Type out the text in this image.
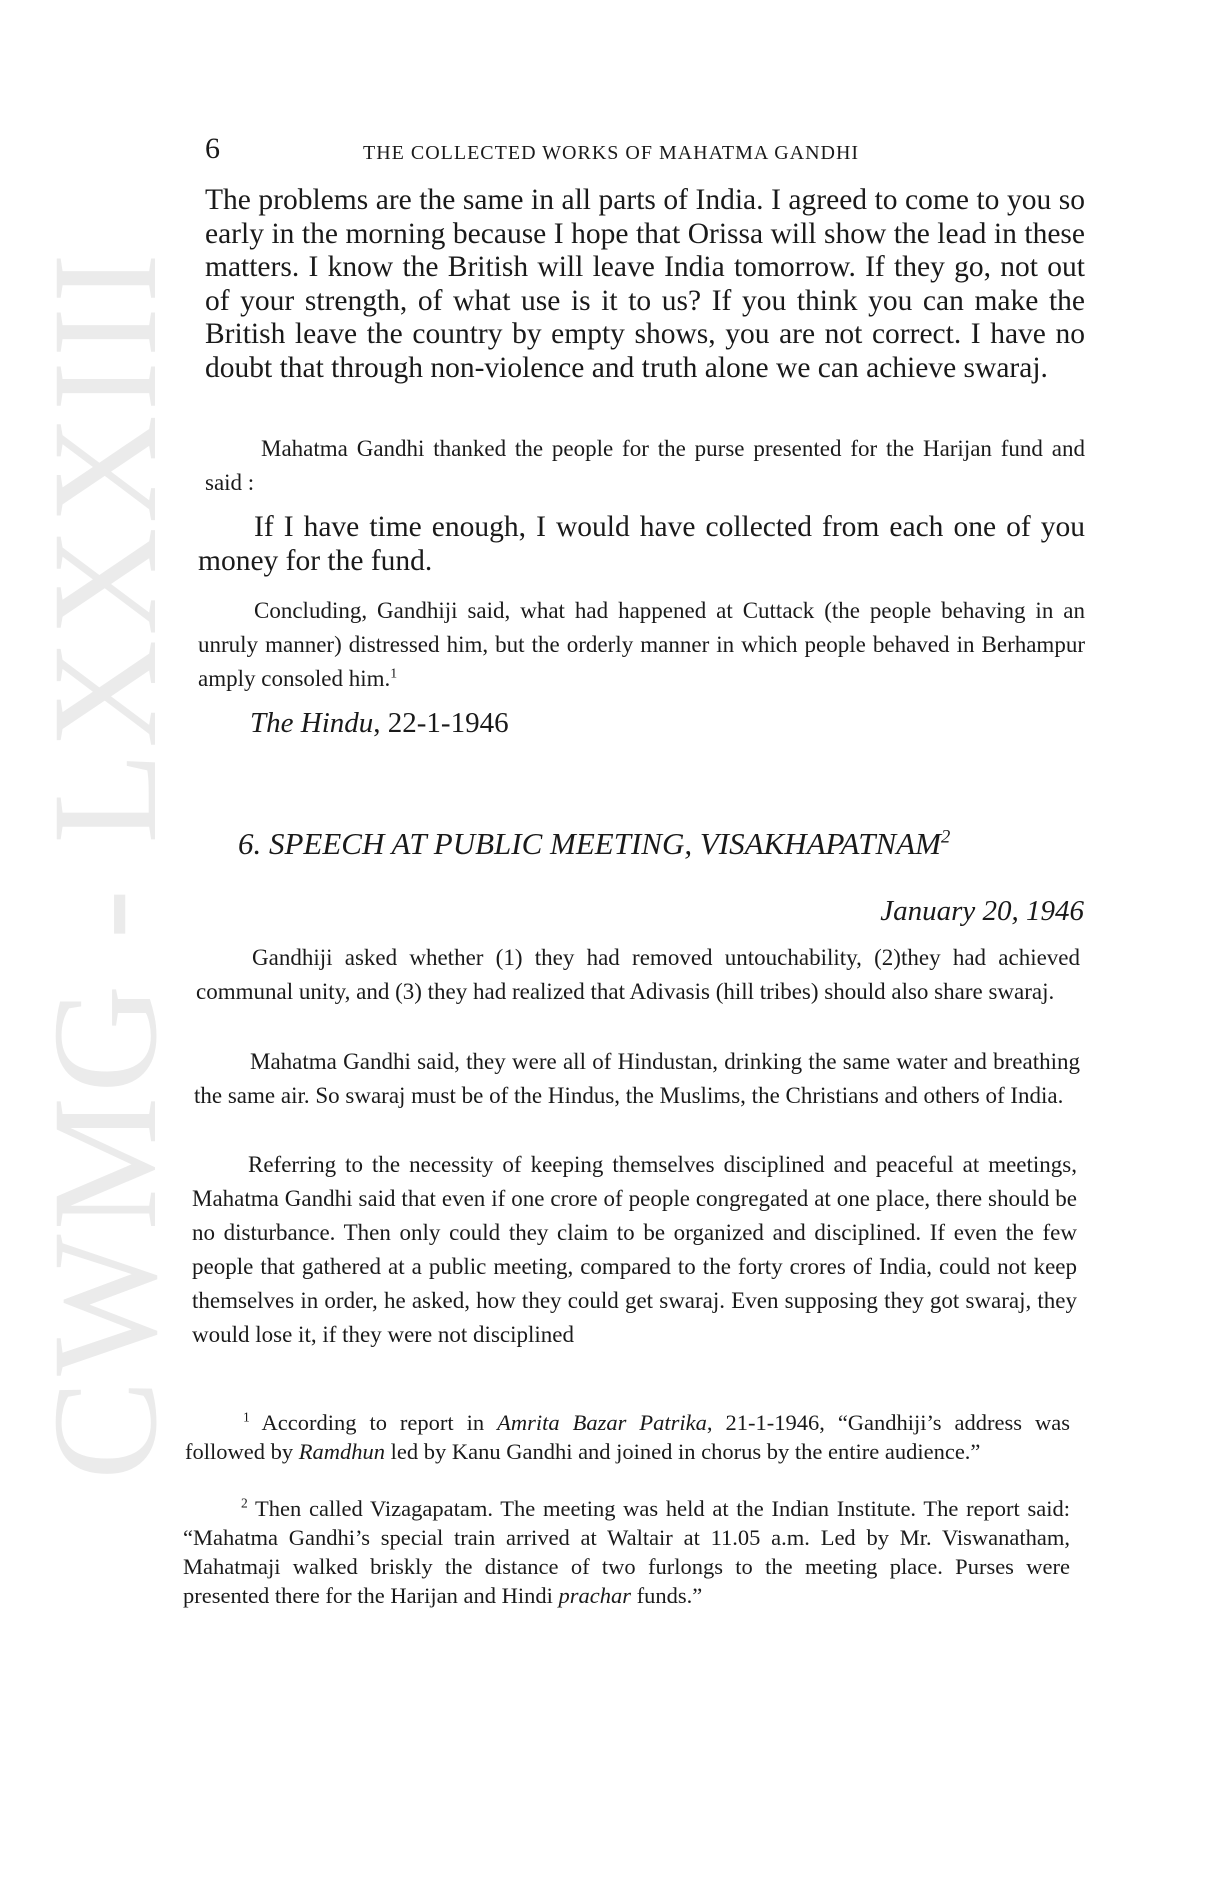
CWMG - LXXXIII
6	THE COLLECTED WORKS OF MAHATMA GANDHI

The problems are the same in all parts of India. I agreed to come to you so early in the morning because I hope that Orissa will show the lead in these matters. I know the British will leave India tomorrow. If they go, not out of your strength, of what use is it to us? If you think you can make the British leave the country by empty shows, you are not correct. I have no doubt that through non-violence and truth alone we can achieve swaraj.

Mahatma Gandhi thanked the people for the purse presented for the Harijan fund and said :

If I have time enough, I would have collected from each one of you money for the fund.

Concluding, Gandhiji said, what had happened at Cuttack (the people behaving in an unruly manner) distressed him, but the orderly manner in which people behaved in Berhampur amply consoled him.$^1$

The Hindu, 22-1-1946

6. SPEECH AT PUBLIC MEETING, VISAKHAPATNAM$^2$
January 20, 1946

Gandhiji asked whether (1) they had removed untouchability, (2)they had achieved communal unity, and (3) they had realized that Adivasis (hill tribes) should also share swaraj.

Mahatma Gandhi said, they were all of Hindustan, drinking the same water and breathing the same air. So swaraj must be of the Hindus, the Muslims, the Christians and others of India.

Referring to the necessity of keeping themselves disciplined and peaceful at meetings, Mahatma Gandhi said that even if one crore of people congregated at one place, there should be no disturbance. Then only could they claim to be organized and disciplined. If even the few people that gathered at a public meeting, compared to the forty crores of India, could not keep themselves in order, he asked, how they could get swaraj. Even supposing they got swaraj, they would lose it, if they were not disciplined

$^1$ According to report in Amrita Bazar Patrika, 21-1-1946, “Gandhiji’s address was followed by Ramdhun led by Kanu Gandhi and joined in chorus by the entire audience.”

$^2$ Then called Vizagapatam. The meeting was held at the Indian Institute. The report said: “Mahatma Gandhi’s special train arrived at Waltair at 11.05 a.m. Led by Mr. Viswanatham, Mahatmaji walked briskly the distance of two furlongs to the meeting place. Purses were presented there for the Harijan and Hindi prachar funds.”
